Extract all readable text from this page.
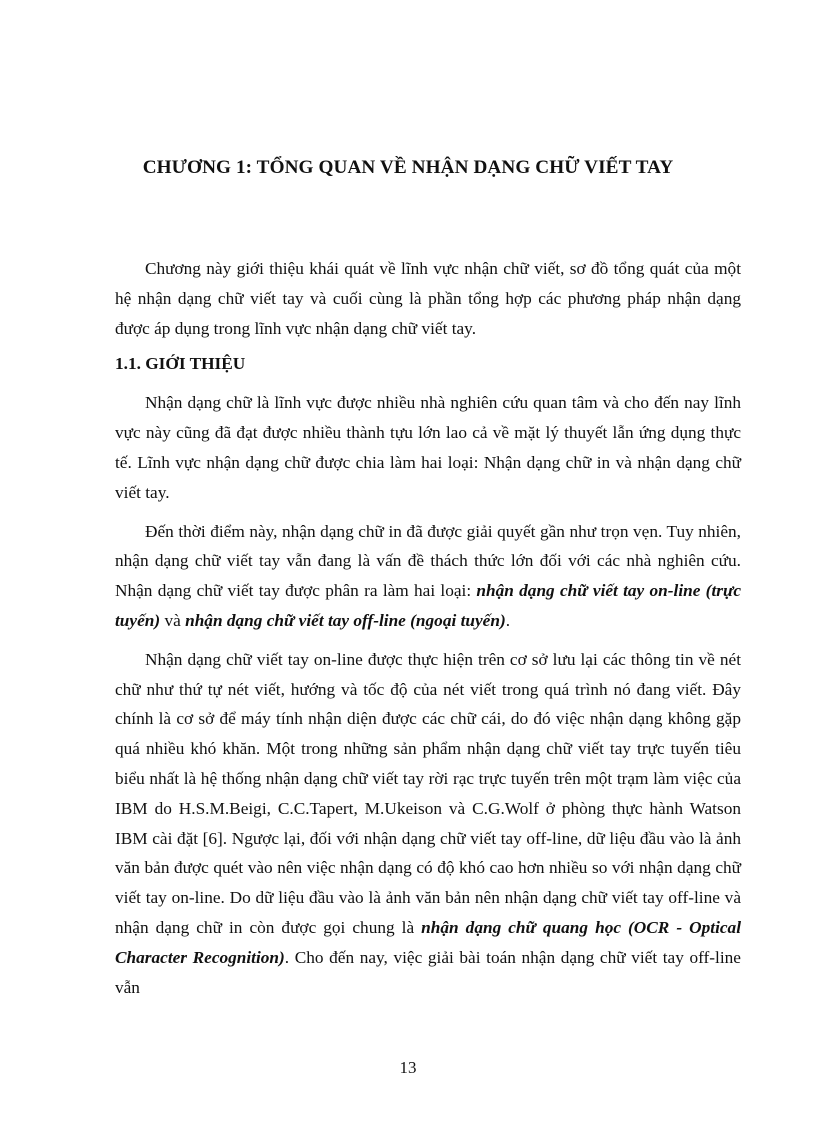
CHƯƠNG 1: TỔNG QUAN VỀ NHẬN DẠNG CHỮ VIẾT TAY

Chương này giới thiệu khái quát về lĩnh vực nhận chữ viết, sơ đồ tổng quát của một hệ nhận dạng chữ viết tay và cuối cùng là phần tổng hợp các phương pháp nhận dạng được áp dụng trong lĩnh vực nhận dạng chữ viết tay.

1.1. GIỚI THIỆU

Nhận dạng chữ là lĩnh vực được nhiều nhà nghiên cứu quan tâm và cho đến nay lĩnh vực này cũng đã đạt được nhiều thành tựu lớn lao cả về mặt lý thuyết lẫn ứng dụng thực tế. Lĩnh vực nhận dạng chữ được chia làm hai loại: Nhận dạng chữ in và nhận dạng chữ viết tay.

Đến thời điểm này, nhận dạng chữ in đã được giải quyết gần như trọn vẹn. Tuy nhiên, nhận dạng chữ viết tay vẫn đang là vấn đề thách thức lớn đối với các nhà nghiên cứu. Nhận dạng chữ viết tay được phân ra làm hai loại: nhận dạng chữ viết tay on-line (trực tuyến) và nhận dạng chữ viết tay off-line (ngoại tuyến).

Nhận dạng chữ viết tay on-line được thực hiện trên cơ sở lưu lại các thông tin về nét chữ như thứ tự nét viết, hướng và tốc độ của nét viết trong quá trình nó đang viết. Đây chính là cơ sở để máy tính nhận diện được các chữ cái, do đó việc nhận dạng không gặp quá nhiều khó khăn. Một trong những sản phẩm nhận dạng chữ viết tay trực tuyến tiêu biểu nhất là hệ thống nhận dạng chữ viết tay rời rạc trực tuyến trên một trạm làm việc của IBM do H.S.M.Beigi, C.C.Tapert, M.Ukeison và C.G.Wolf ở phòng thực hành Watson IBM cài đặt [6]. Ngược lại, đối với nhận dạng chữ viết tay off-line, dữ liệu đầu vào là ảnh văn bản được quét vào nên việc nhận dạng có độ khó cao hơn nhiều so với nhận dạng chữ viết tay on-line. Do dữ liệu đầu vào là ảnh văn bản nên nhận dạng chữ viết tay off-line và nhận dạng chữ in còn được gọi chung là nhận dạng chữ quang học (OCR - Optical Character Recognition). Cho đến nay, việc giải bài toán nhận dạng chữ viết tay off-line vẫn

13
